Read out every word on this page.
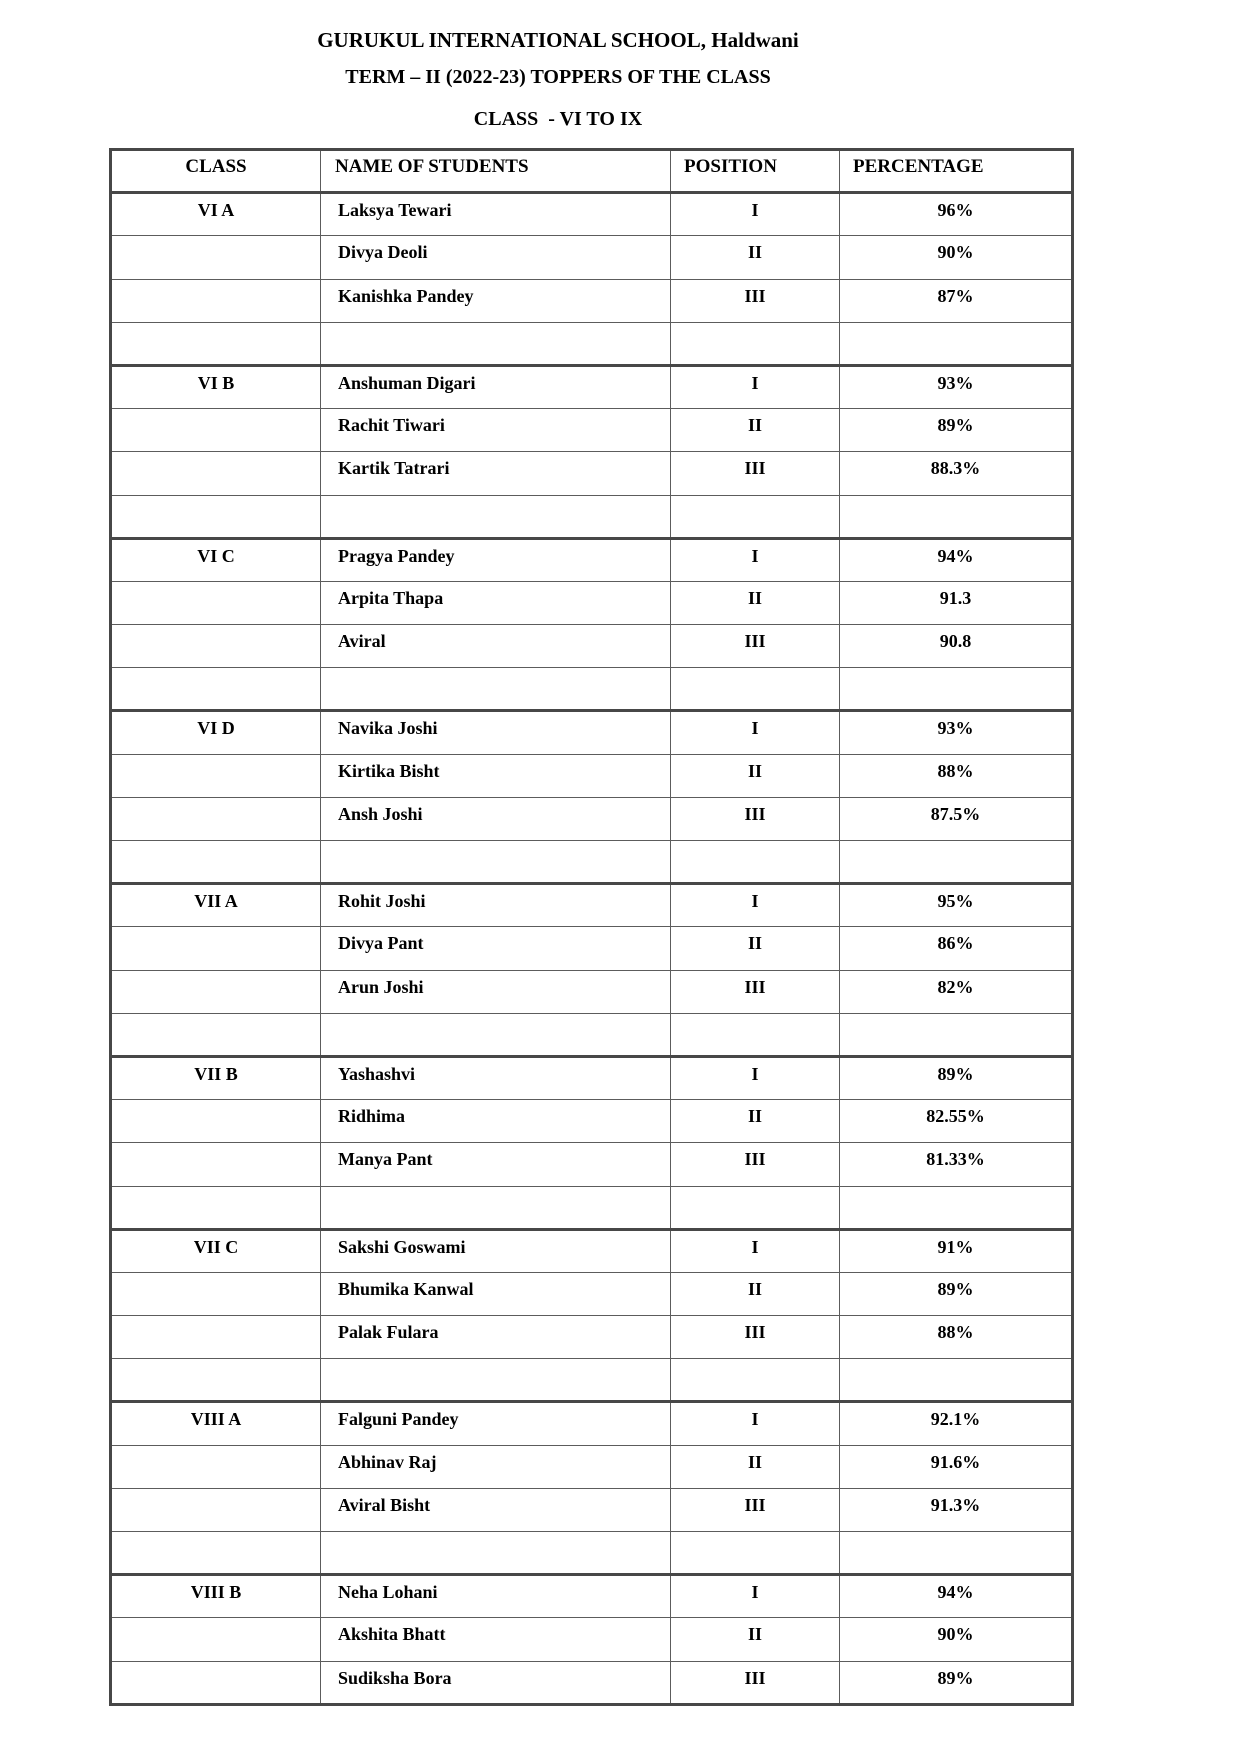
GURUKUL INTERNATIONAL SCHOOL, Haldwani
TERM – II (2022-23) TOPPERS OF THE CLASS
CLASS  - VI TO IX
CLASS	NAME OF STUDENTS	POSITION	PERCENTAGE
VI A	Laksya Tewari	I	96%
	Divya Deoli	II	90%
	Kanishka Pandey	III	87%

VI B	Anshuman Digari	I	93%
	Rachit Tiwari	II	89%
	Kartik Tatrari	III	88.3%

VI C	Pragya Pandey	I	94%
	Arpita Thapa	II	91.3
	Aviral	III	90.8

VI D	Navika Joshi	I	93%
	Kirtika Bisht	II	88%
	Ansh Joshi	III	87.5%

VII A	Rohit Joshi	I	95%
	Divya Pant	II	86%
	Arun Joshi	III	82%

VII B	Yashashvi	I	89%
	Ridhima	II	82.55%
	Manya Pant	III	81.33%

VII C	Sakshi Goswami	I	91%
	Bhumika Kanwal	II	89%
	Palak Fulara	III	88%

VIII A	Falguni Pandey	I	92.1%
	Abhinav Raj	II	91.6%
	Aviral Bisht	III	91.3%

VIII B	Neha Lohani	I	94%
	Akshita Bhatt	II	90%
	Sudiksha Bora	III	89%
